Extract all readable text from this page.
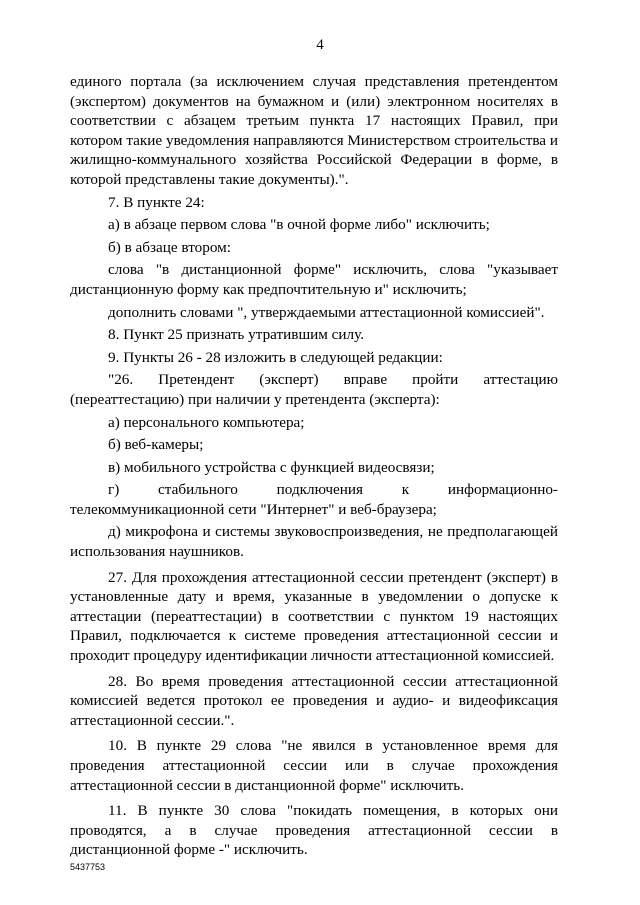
4

единого портала (за исключением случая представления претендентом (экспертом) документов на бумажном и (или) электронном носителях в соответствии с абзацем третьим пункта 17 настоящих Правил, при котором такие уведомления направляются Министерством строительства и жилищно-коммунального хозяйства Российской Федерации в форме, в которой представлены такие документы).".

7. В пункте 24:

а) в абзаце первом слова "в очной форме либо" исключить;

б) в абзаце втором:

слова "в дистанционной форме" исключить, слова "указывает дистанционную форму как предпочтительную и" исключить;

дополнить словами ", утверждаемыми аттестационной комиссией".

8. Пункт 25 признать утратившим силу.

9. Пункты 26 - 28 изложить в следующей редакции:

"26. Претендент (эксперт) вправе пройти аттестацию (переаттестацию) при наличии у претендента (эксперта):

а) персонального компьютера;

б) веб-камеры;

в) мобильного устройства с функцией видеосвязи;

г) стабильного подключения к информационно-телекоммуникационной сети "Интернет" и веб-браузера;

д) микрофона и системы звуковоспроизведения, не предполагающей использования наушников.

27. Для прохождения аттестационной сессии претендент (эксперт) в установленные дату и время, указанные в уведомлении о допуске к аттестации (переаттестации) в соответствии с пунктом 19 настоящих Правил, подключается к системе проведения аттестационной сессии и проходит процедуру идентификации личности аттестационной комиссией.

28. Во время проведения аттестационной сессии аттестационной комиссией ведется протокол ее проведения и аудио- и видеофиксация аттестационной сессии.".

10. В пункте 29 слова "не явился в установленное время для проведения аттестационной сессии или в случае прохождения аттестационной сессии в дистанционной форме" исключить.

11. В пункте 30 слова "покидать помещения, в которых они проводятся, а в случае проведения аттестационной сессии в дистанционной форме -" исключить.

5437753
